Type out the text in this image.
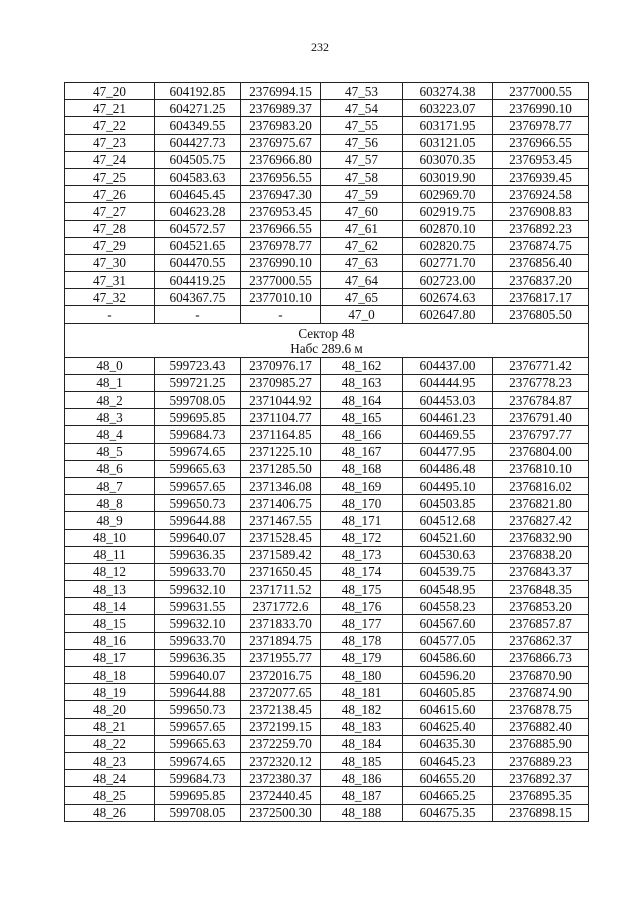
232
47_20	604192.85	2376994.15	47_53	603274.38	2377000.55
47_21	604271.25	2376989.37	47_54	603223.07	2376990.10
47_22	604349.55	2376983.20	47_55	603171.95	2376978.77
47_23	604427.73	2376975.67	47_56	603121.05	2376966.55
47_24	604505.75	2376966.80	47_57	603070.35	2376953.45
47_25	604583.63	2376956.55	47_58	603019.90	2376939.45
47_26	604645.45	2376947.30	47_59	602969.70	2376924.58
47_27	604623.28	2376953.45	47_60	602919.75	2376908.83
47_28	604572.57	2376966.55	47_61	602870.10	2376892.23
47_29	604521.65	2376978.77	47_62	602820.75	2376874.75
47_30	604470.55	2376990.10	47_63	602771.70	2376856.40
47_31	604419.25	2377000.55	47_64	602723.00	2376837.20
47_32	604367.75	2377010.10	47_65	602674.63	2376817.17
-	-	-	47_0	602647.80	2376805.50

Сектор 48
Набс 289.6 м					

48_0	599723.43	2370976.17	48_162	604437.00	2376771.42
48_1	599721.25	2370985.27	48_163	604444.95	2376778.23
48_2	599708.05	2371044.92	48_164	604453.03	2376784.87
48_3	599695.85	2371104.77	48_165	604461.23	2376791.40
48_4	599684.73	2371164.85	48_166	604469.55	2376797.77
48_5	599674.65	2371225.10	48_167	604477.95	2376804.00
48_6	599665.63	2371285.50	48_168	604486.48	2376810.10
48_7	599657.65	2371346.08	48_169	604495.10	2376816.02
48_8	599650.73	2371406.75	48_170	604503.85	2376821.80
48_9	599644.88	2371467.55	48_171	604512.68	2376827.42
48_10	599640.07	2371528.45	48_172	604521.60	2376832.90
48_11	599636.35	2371589.42	48_173	604530.63	2376838.20
48_12	599633.70	2371650.45	48_174	604539.75	2376843.37
48_13	599632.10	2371711.52	48_175	604548.95	2376848.35
48_14	599631.55	2371772.6	48_176	604558.23	2376853.20
48_15	599632.10	2371833.70	48_177	604567.60	2376857.87
48_16	599633.70	2371894.75	48_178	604577.05	2376862.37
48_17	599636.35	2371955.77	48_179	604586.60	2376866.73
48_18	599640.07	2372016.75	48_180	604596.20	2376870.90
48_19	599644.88	2372077.65	48_181	604605.85	2376874.90
48_20	599650.73	2372138.45	48_182	604615.60	2376878.75
48_21	599657.65	2372199.15	48_183	604625.40	2376882.40
48_22	599665.63	2372259.70	48_184	604635.30	2376885.90
48_23	599674.65	2372320.12	48_185	604645.23	2376889.23
48_24	599684.73	2372380.37	48_186	604655.20	2376892.37
48_25	599695.85	2372440.45	48_187	604665.25	2376895.35
48_26	599708.05	2372500.30	48_188	604675.35	2376898.15
